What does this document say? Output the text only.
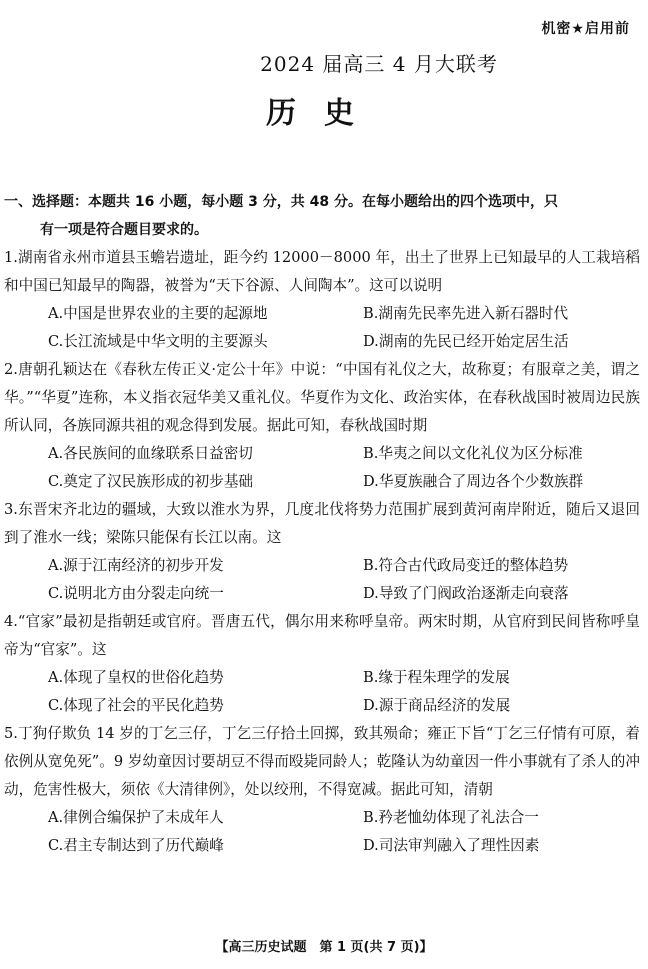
机密★启用前
2024 届高三 4 月大联考
历史
一、选择题：本题共 16 小题，每小题 3 分，共 48 分。在每小题给出的四个选项中，只
有一项是符合题目要求的。
1.湖南省永州市道县玉蟾岩遗址，距今约 12000－8000 年，出土了世界上已知最早的人工栽培稻和中国已知最早的陶器，被誉为“天下谷源、人间陶本”。这可以说明
A.中国是世界农业的主要的起源地	B.湖南先民率先进入新石器时代
C.长江流域是中华文明的主要源头	D.湖南的先民已经开始定居生活
2.唐朝孔颖达在《春秋左传正义·定公十年》中说：“中国有礼仪之大，故称夏；有服章之美，谓之华。”“华夏”连称，本义指衣冠华美又重礼仪。华夏作为文化、政治实体，在春秋战国时被周边民族所认同，各族同源共祖的观念得到发展。据此可知，春秋战国时期
A.各民族间的血缘联系日益密切	B.华夷之间以文化礼仪为区分标准
C.奠定了汉民族形成的初步基础	D.华夏族融合了周边各个少数族群
3.东晋宋齐北边的疆域，大致以淮水为界，几度北伐将势力范围扩展到黄河南岸附近，随后又退回到了淮水一线；梁陈只能保有长江以南。这
A.源于江南经济的初步开发	B.符合古代政局变迁的整体趋势
C.说明北方由分裂走向统一	D.导致了门阀政治逐渐走向衰落
4.“官家”最初是指朝廷或官府。晋唐五代，偶尔用来称呼皇帝。两宋时期，从官府到民间皆称呼皇帝为“官家”。这
A.体现了皇权的世俗化趋势	B.缘于程朱理学的发展
C.体现了社会的平民化趋势	D.源于商品经济的发展
5.丁狗仔欺负 14 岁的丁乞三仔，丁乞三仔拾土回掷，致其殒命；雍正下旨“丁乞三仔情有可原，着依例从宽免死”。9 岁幼童因讨要胡豆不得而殴毙同龄人；乾隆认为幼童因一件小事就有了杀人的冲动，危害性极大，须依《大清律例》，处以绞刑，不得宽减。据此可知，清朝
A.律例合编保护了未成年人	B.矜老恤幼体现了礼法合一
C.君主专制达到了历代巅峰	D.司法审判融入了理性因素
【高三历史试题　第 1 页(共 7 页)】
